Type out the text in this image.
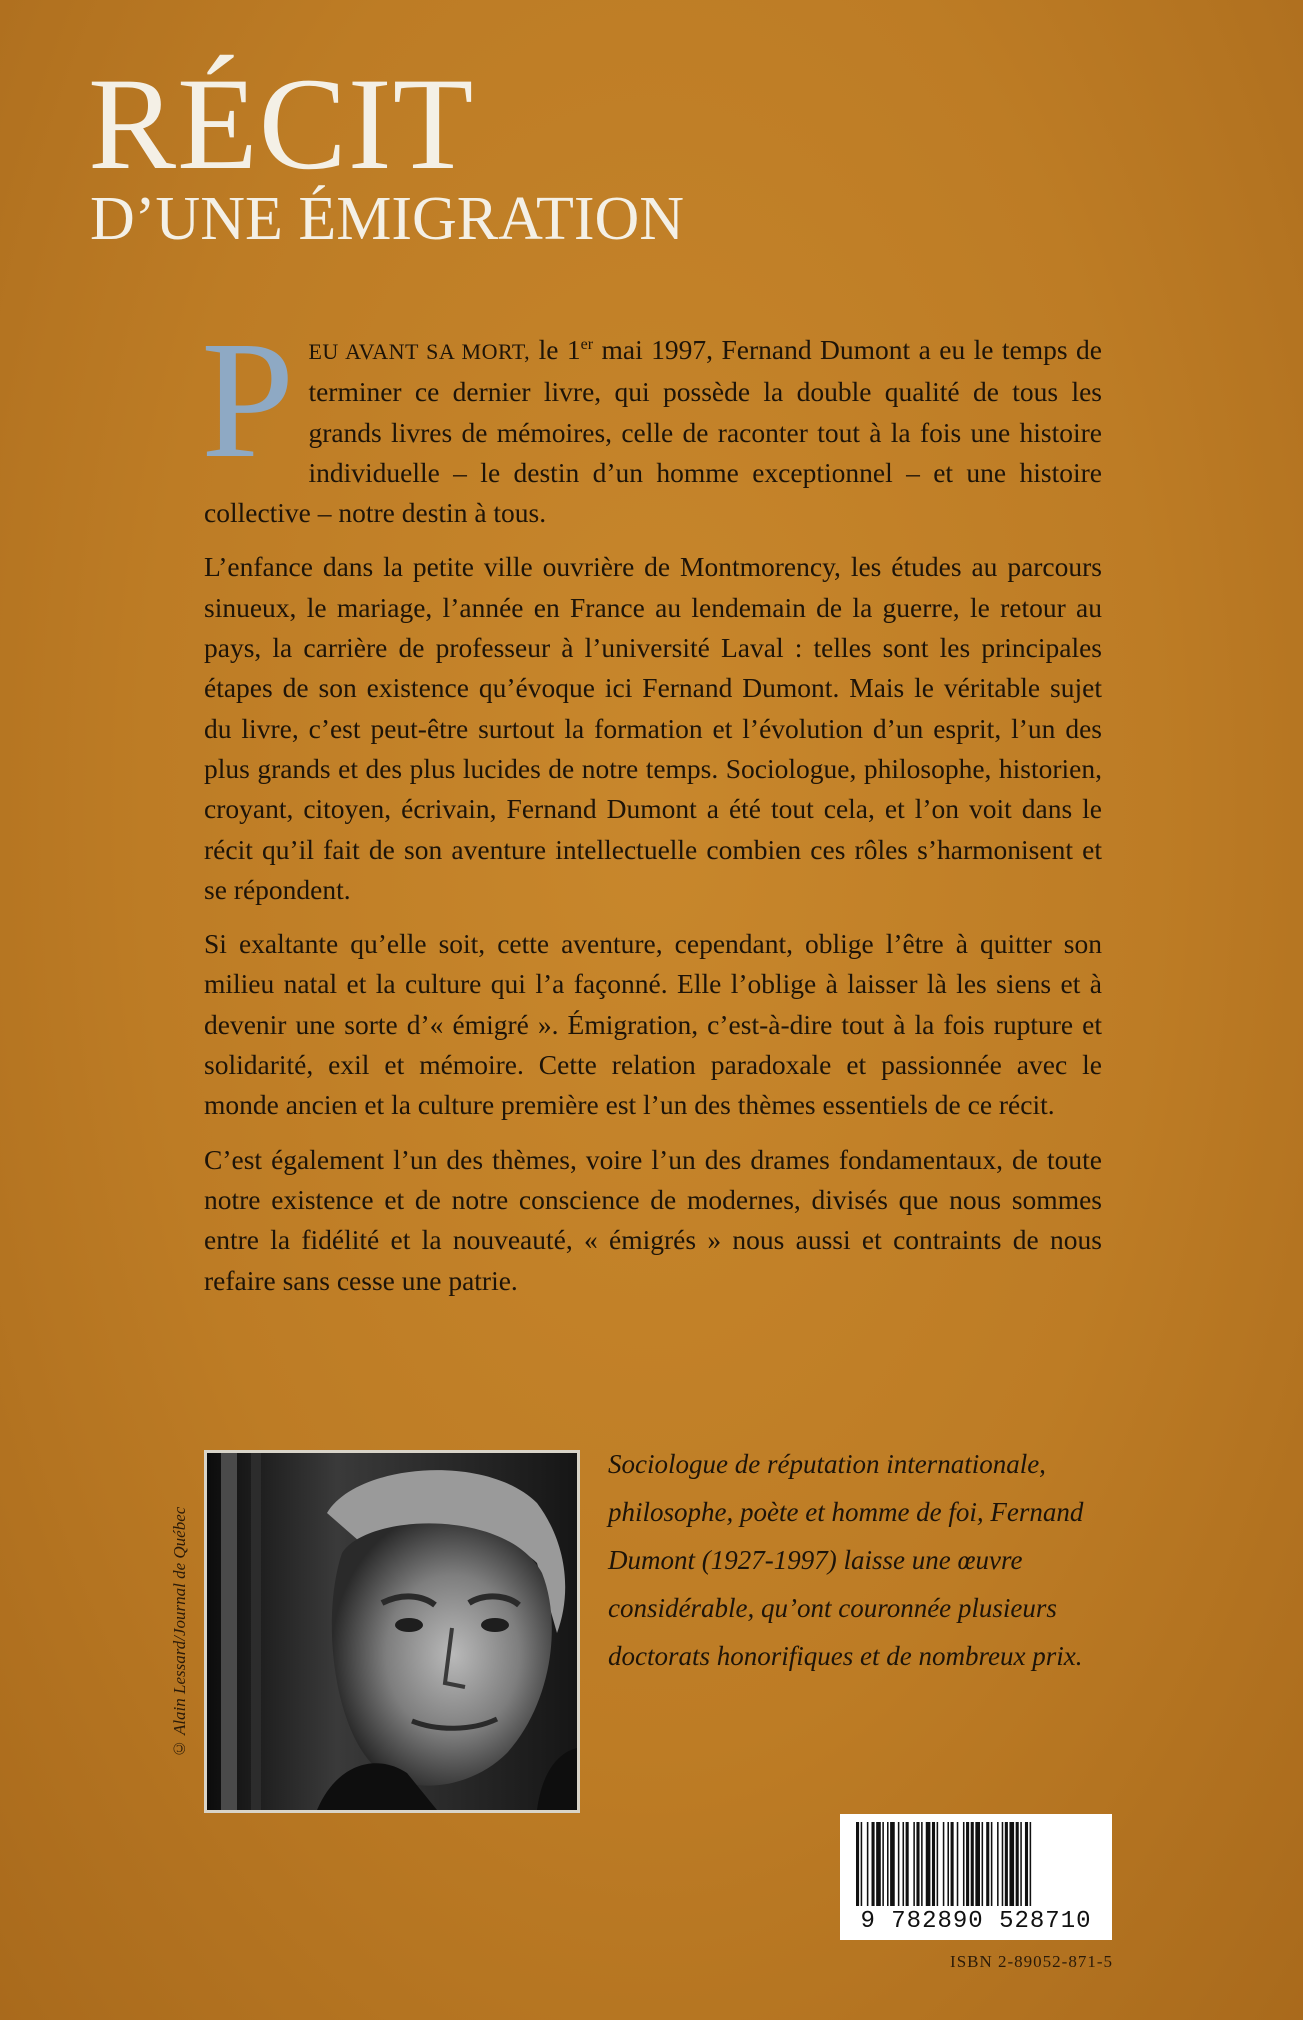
RÉCIT
D’UNE ÉMIGRATION

PEU AVANT SA MORT, le 1er mai 1997, Fernand Dumont a eu le temps de terminer ce dernier livre, qui possède la double qualité de tous les grands livres de mémoires, celle de raconter tout à la fois une histoire individuelle – le destin d’un homme exceptionnel – et une histoire collective – notre destin à tous.

L’enfance dans la petite ville ouvrière de Montmorency, les études au parcours sinueux, le mariage, l’année en France au lendemain de la guerre, le retour au pays, la carrière de professeur à l’université Laval : telles sont les principales étapes de son existence qu’évoque ici Fernand Dumont. Mais le véritable sujet du livre, c’est peut-être surtout la formation et l’évolution d’un esprit, l’un des plus grands et des plus lucides de notre temps. Sociologue, philosophe, historien, croyant, citoyen, écrivain, Fernand Dumont a été tout cela, et l’on voit dans le récit qu’il fait de son aventure intellectuelle combien ces rôles s’harmonisent et se répondent.

Si exaltante qu’elle soit, cette aventure, cependant, oblige l’être à quitter son milieu natal et la culture qui l’a façonné. Elle l’oblige à laisser là les siens et à devenir une sorte d’« émigré ». Émigration, c’est-à-dire tout à la fois rupture et solidarité, exil et mémoire. Cette relation paradoxale et passionnée avec le monde ancien et la culture première est l’un des thèmes essentiels de ce récit.

C’est également l’un des thèmes, voire l’un des drames fondamentaux, de toute notre existence et de notre conscience de modernes, divisés que nous sommes entre la fidélité et la nouveauté, « émigrés » nous aussi et contraints de nous refaire sans cesse une patrie.

© Alain Lessard/Journal de Québec

Sociologue de réputation internationale, philosophe, poète et homme de foi, Fernand Dumont (1927-1997) laisse une œuvre considérable, qu’ont couronnée plusieurs doctorats honorifiques et de nombreux prix.

9 782890 528710
ISBN 2-89052-871-5
